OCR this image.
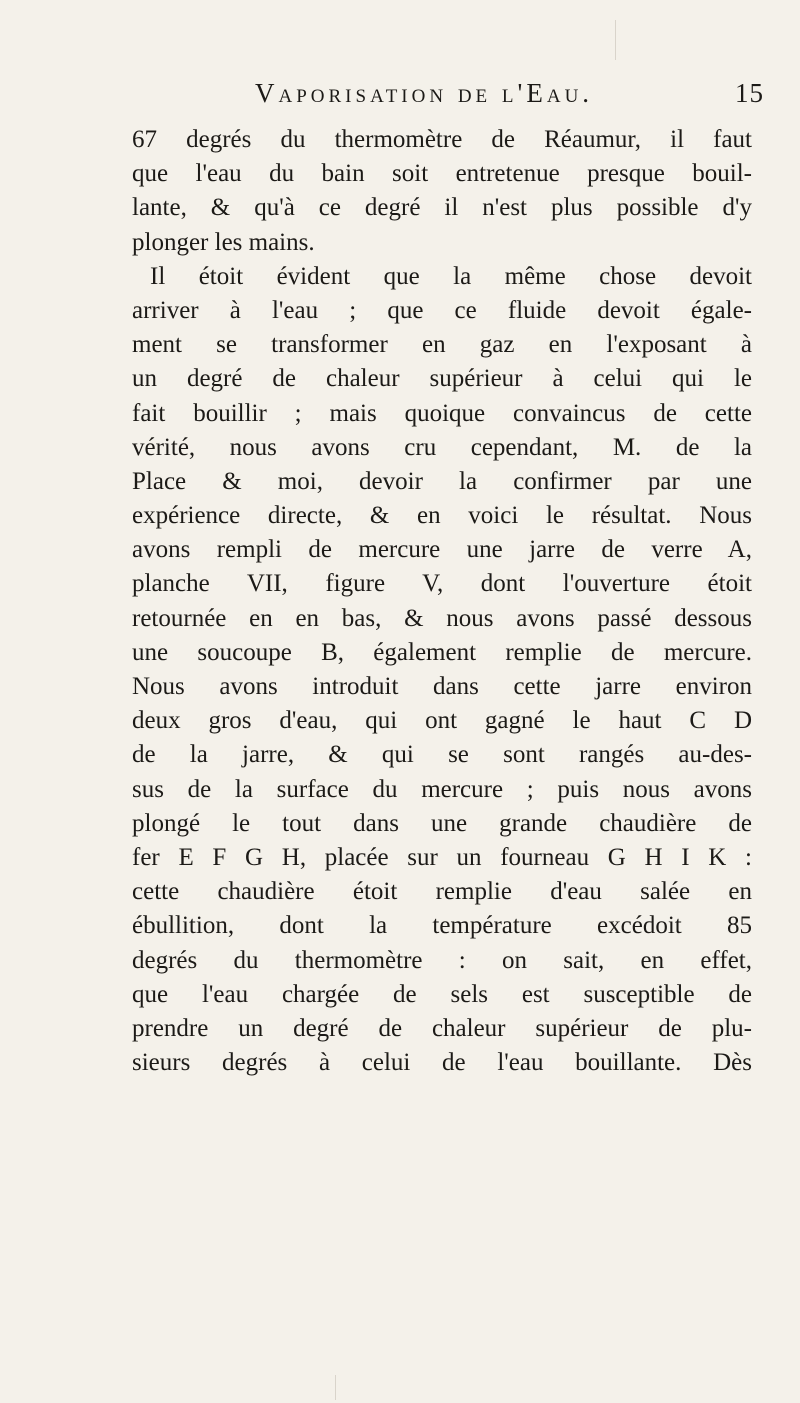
Vaporisation de l'Eau.	15
67 degrés du thermomètre de Réaumur, il faut
que l'eau du bain soit entretenue presque bouil-
lante, & qu'à ce degré il n'est plus possible d'y
plonger les mains.
Il étoit évident que la même chose devoit
arriver à l'eau ; que ce fluide devoit égale-
ment se transformer en gaz en l'exposant à
un degré de chaleur supérieur à celui qui le
fait bouillir ; mais quoique convaincus de cette
vérité, nous avons cru cependant, M. de la
Place & moi, devoir la confirmer par une
expérience directe, & en voici le résultat. Nous
avons rempli de mercure une jarre de verre A,
planche VII, figure V, dont l'ouverture étoit
retournée en en bas, & nous avons passé dessous
une soucoupe B, également remplie de mercure.
Nous avons introduit dans cette jarre environ
deux gros d'eau, qui ont gagné le haut C D
de la jarre, & qui se sont rangés au-des-
sus de la surface du mercure ; puis nous avons
plongé le tout dans une grande chaudière de
fer E F G H, placée sur un fourneau G H I K :
cette chaudière étoit remplie d'eau salée en
ébullition, dont la température excédoit 85
degrés du thermomètre : on sait, en effet,
que l'eau chargée de sels est susceptible de
prendre un degré de chaleur supérieur de plu-
sieurs degrés à celui de l'eau bouillante. Dès
